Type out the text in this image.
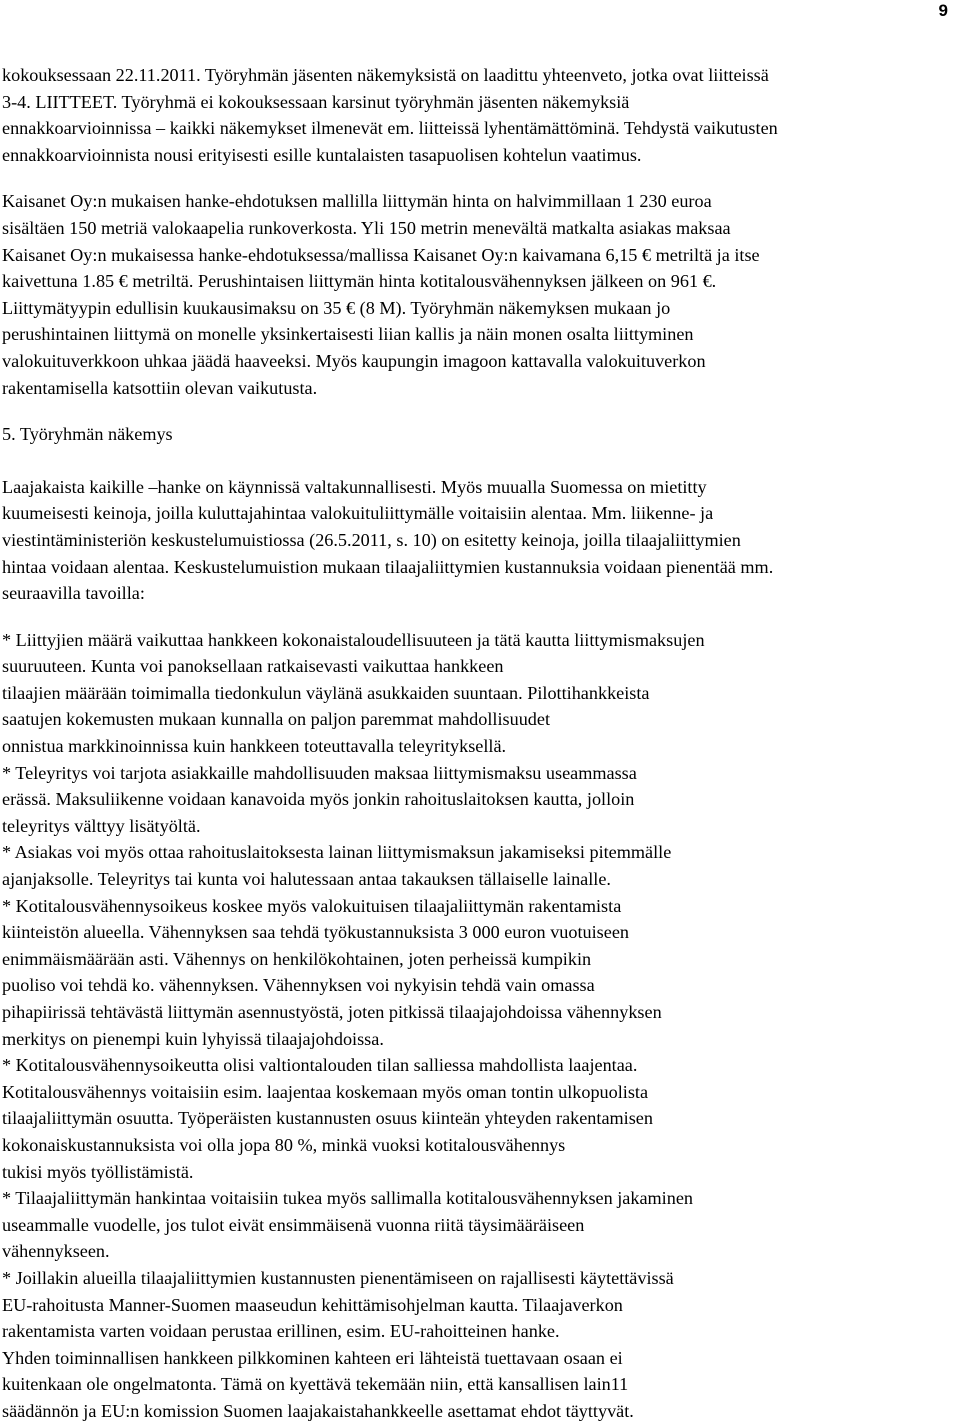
9
kokouksessaan 22.11.2011. Työryhmän jäsenten näkemyksistä on laadittu yhteenveto, jotka ovat liitteissä
3-4. LIITTEET. Työryhmä ei kokouksessaan karsinut työryhmän jäsenten näkemyksiä
ennakkoarvioinnissa – kaikki näkemykset ilmenevät em. liitteissä lyhentämättöminä. Tehdystä vaikutusten
ennakkoarvioinnista nousi erityisesti esille kuntalaisten tasapuolisen kohtelun vaatimus.
Kaisanet Oy:n mukaisen hanke-ehdotuksen mallilla liittymän hinta on halvimmillaan 1 230 euroa
sisältäen 150 metriä valokaapelia runkoverkosta. Yli 150 metrin menevältä matkalta asiakas maksaa
Kaisanet Oy:n mukaisessa hanke-ehdotuksessa/mallissa Kaisanet Oy:n kaivamana 6,15 € metriltä ja itse
kaivettuna 1.85 € metriltä. Perushintaisen liittymän hinta kotitalousvähennyksen jälkeen on 961 €.
Liittymätyypin edullisin kuukausimaksu on 35 € (8 M). Työryhmän näkemyksen mukaan jo
perushintainen liittymä on monelle yksinkertaisesti liian kallis ja näin monen osalta liittyminen
valokuituverkkoon uhkaa jäädä haaveeksi. Myös kaupungin imagoon kattavalla valokuituverkon
rakentamisella katsottiin olevan vaikutusta.
5. Työryhmän näkemys
Laajakaista kaikille –hanke on käynnissä valtakunnallisesti. Myös muualla Suomessa on mietitty
kuumeisesti keinoja, joilla kuluttajahintaa valokuituliittymälle voitaisiin alentaa. Mm. liikenne- ja
viestintäministeriön keskustelumuistiossa (26.5.2011, s. 10) on esitetty keinoja, joilla tilaajaliittymien
hintaa voidaan alentaa. Keskustelumuistion mukaan tilaajaliittymien kustannuksia voidaan pienentää mm.
seuraavilla tavoilla:
* Liittyjien määrä vaikuttaa hankkeen kokonaistaloudellisuuteen ja tätä kautta liittymismaksujen
suuruuteen. Kunta voi panoksellaan ratkaisevasti vaikuttaa hankkeen
tilaajien määrään toimimalla tiedonkulun väylänä asukkaiden suuntaan. Pilottihankkeista
saatujen kokemusten mukaan kunnalla on paljon paremmat mahdollisuudet
onnistua markkinoinnissa kuin hankkeen toteuttavalla teleyrityksellä.
* Teleyritys voi tarjota asiakkaille mahdollisuuden maksaa liittymismaksu useammassa
erässä. Maksuliikenne voidaan kanavoida myös jonkin rahoituslaitoksen kautta, jolloin
teleyritys välttyy lisätyöltä.
* Asiakas voi myös ottaa rahoituslaitoksesta lainan liittymismaksun jakamiseksi pitemmälle
ajanjaksolle. Teleyritys tai kunta voi halutessaan antaa takauksen tällaiselle lainalle.
* Kotitalousvähennysoikeus koskee myös valokuituisen tilaajaliittymän rakentamista
kiinteistön alueella. Vähennyksen saa tehdä työkustannuksista 3 000 euron vuotuiseen
enimmäismäärään asti. Vähennys on henkilökohtainen, joten perheissä kumpikin
puoliso voi tehdä ko. vähennyksen. Vähennyksen voi nykyisin tehdä vain omassa
pihapiirissä tehtävästä liittymän asennustyöstä, joten pitkissä tilaajajohdoissa vähennyksen
merkitys on pienempi kuin lyhyissä tilaajajohdoissa.
* Kotitalousvähennysoikeutta olisi valtiontalouden tilan salliessa mahdollista laajentaa.
Kotitalousvähennys voitaisiin esim. laajentaa koskemaan myös oman tontin ulkopuolista
tilaajaliittymän osuutta. Työperäisten kustannusten osuus kiinteän yhteyden rakentamisen
kokonaiskustannuksista voi olla jopa 80 %, minkä vuoksi kotitalousvähennys
tukisi myös työllistämistä.
* Tilaajaliittymän hankintaa voitaisiin tukea myös sallimalla kotitalousvähennyksen jakaminen
useammalle vuodelle, jos tulot eivät ensimmäisenä vuonna riitä täysimääräiseen
vähennykseen.
* Joillakin alueilla tilaajaliittymien kustannusten pienentämiseen on rajallisesti käytettävissä
EU-rahoitusta Manner-Suomen maaseudun kehittämisohjelman kautta. Tilaajaverkon
rakentamista varten voidaan perustaa erillinen, esim. EU-rahoitteinen hanke.
Yhden toiminnallisen hankkeen pilkkominen kahteen eri lähteistä tuettavaan osaan ei
kuitenkaan ole ongelmatonta. Tämä on kyettävä tekemään niin, että kansallisen lain11
säädännön ja EU:n komission Suomen laajakaistahankkeelle asettamat ehdot täyttyvät.
